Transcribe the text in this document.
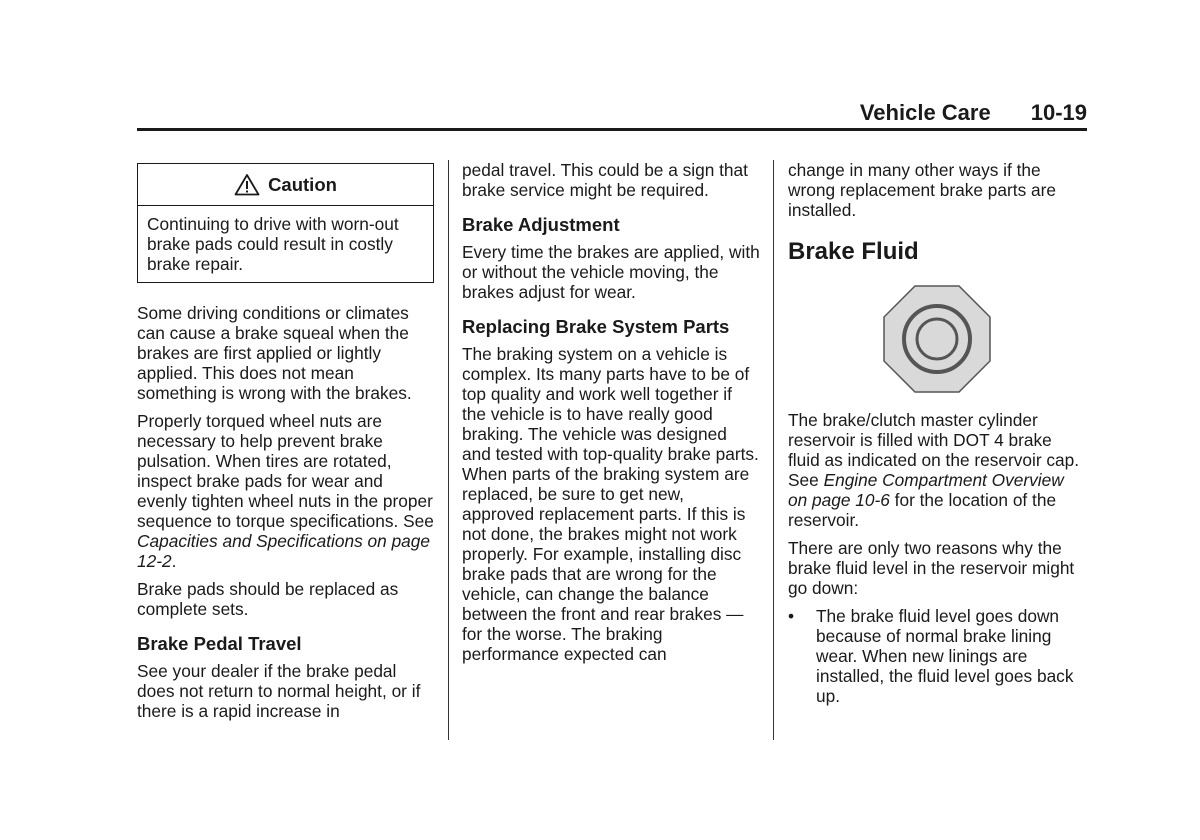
Vehicle Care 10-19
Caution
Continuing to drive with worn-out brake pads could result in costly brake repair.

Some driving conditions or climates can cause a brake squeal when the brakes are first applied or lightly applied. This does not mean something is wrong with the brakes.

Properly torqued wheel nuts are necessary to help prevent brake pulsation. When tires are rotated, inspect brake pads for wear and evenly tighten wheel nuts in the proper sequence to torque specifications. See Capacities and Specifications on page 12-2.

Brake pads should be replaced as complete sets.

Brake Pedal Travel

See your dealer if the brake pedal does not return to normal height, or if there is a rapid increase in

pedal travel. This could be a sign that brake service might be required.

Brake Adjustment

Every time the brakes are applied, with or without the vehicle moving, the brakes adjust for wear.

Replacing Brake System Parts

The braking system on a vehicle is complex. Its many parts have to be of top quality and work well together if the vehicle is to have really good braking. The vehicle was designed and tested with top-quality brake parts. When parts of the braking system are replaced, be sure to get new, approved replacement parts. If this is not done, the brakes might not work properly. For example, installing disc brake pads that are wrong for the vehicle, can change the balance between the front and rear brakes — for the worse. The braking performance expected can

change in many other ways if the wrong replacement brake parts are installed.

Brake Fluid

The brake/clutch master cylinder reservoir is filled with DOT 4 brake fluid as indicated on the reservoir cap. See Engine Compartment Overview on page 10-6 for the location of the reservoir.

There are only two reasons why the brake fluid level in the reservoir might go down:

•	The brake fluid level goes down because of normal brake lining wear. When new linings are installed, the fluid level goes back up.
